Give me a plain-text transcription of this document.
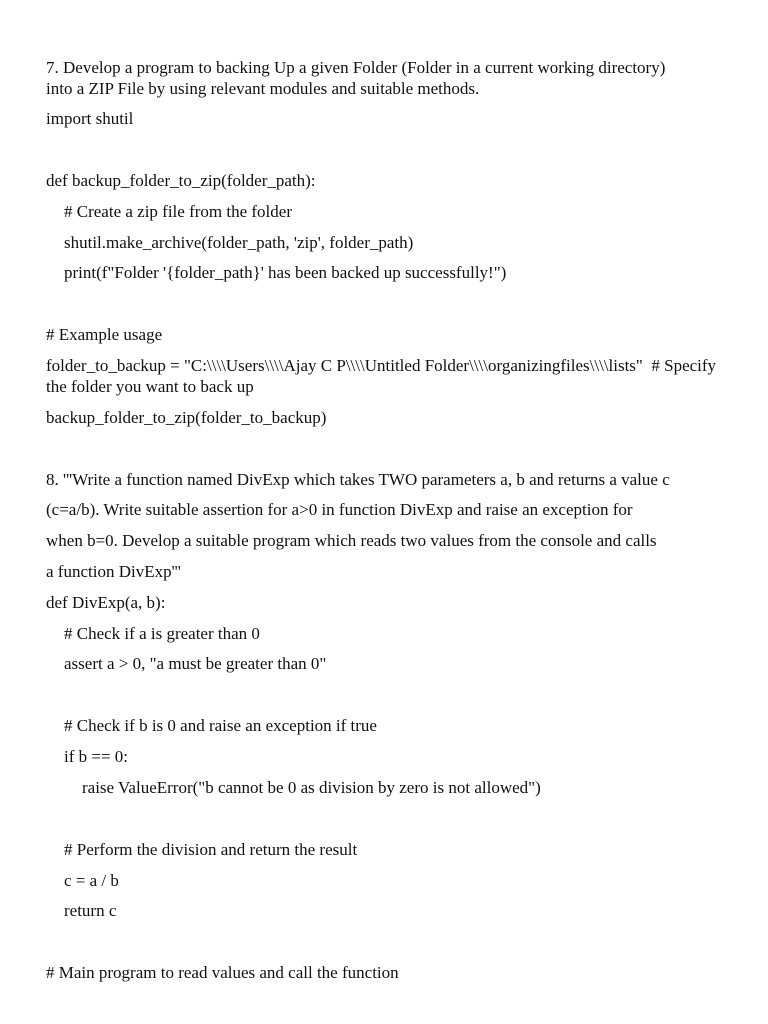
7. Develop a program to backing Up a given Folder (Folder in a current working directory)
into a ZIP File by using relevant modules and suitable methods.
import shutil
def backup_folder_to_zip(folder_path):
# Create a zip file from the folder
shutil.make_archive(folder_path, 'zip', folder_path)
print(f"Folder '{folder_path}' has been backed up successfully!")
# Example usage
folder_to_backup = "C:\\\\Users\\\\Ajay C P\\\\Untitled Folder\\\\organizingfiles\\\\lists"  # Specify
the folder you want to back up
backup_folder_to_zip(folder_to_backup)
8. '''Write a function named DivExp which takes TWO parameters a, b and returns a value c
(c=a/b). Write suitable assertion for a>0 in function DivExp and raise an exception for
when b=0. Develop a suitable program which reads two values from the console and calls
a function DivExp'''
def DivExp(a, b):
# Check if a is greater than 0
assert a > 0, "a must be greater than 0"
# Check if b is 0 and raise an exception if true
if b == 0:
raise ValueError("b cannot be 0 as division by zero is not allowed")
# Perform the division and return the result
c = a / b
return c
# Main program to read values and call the function
